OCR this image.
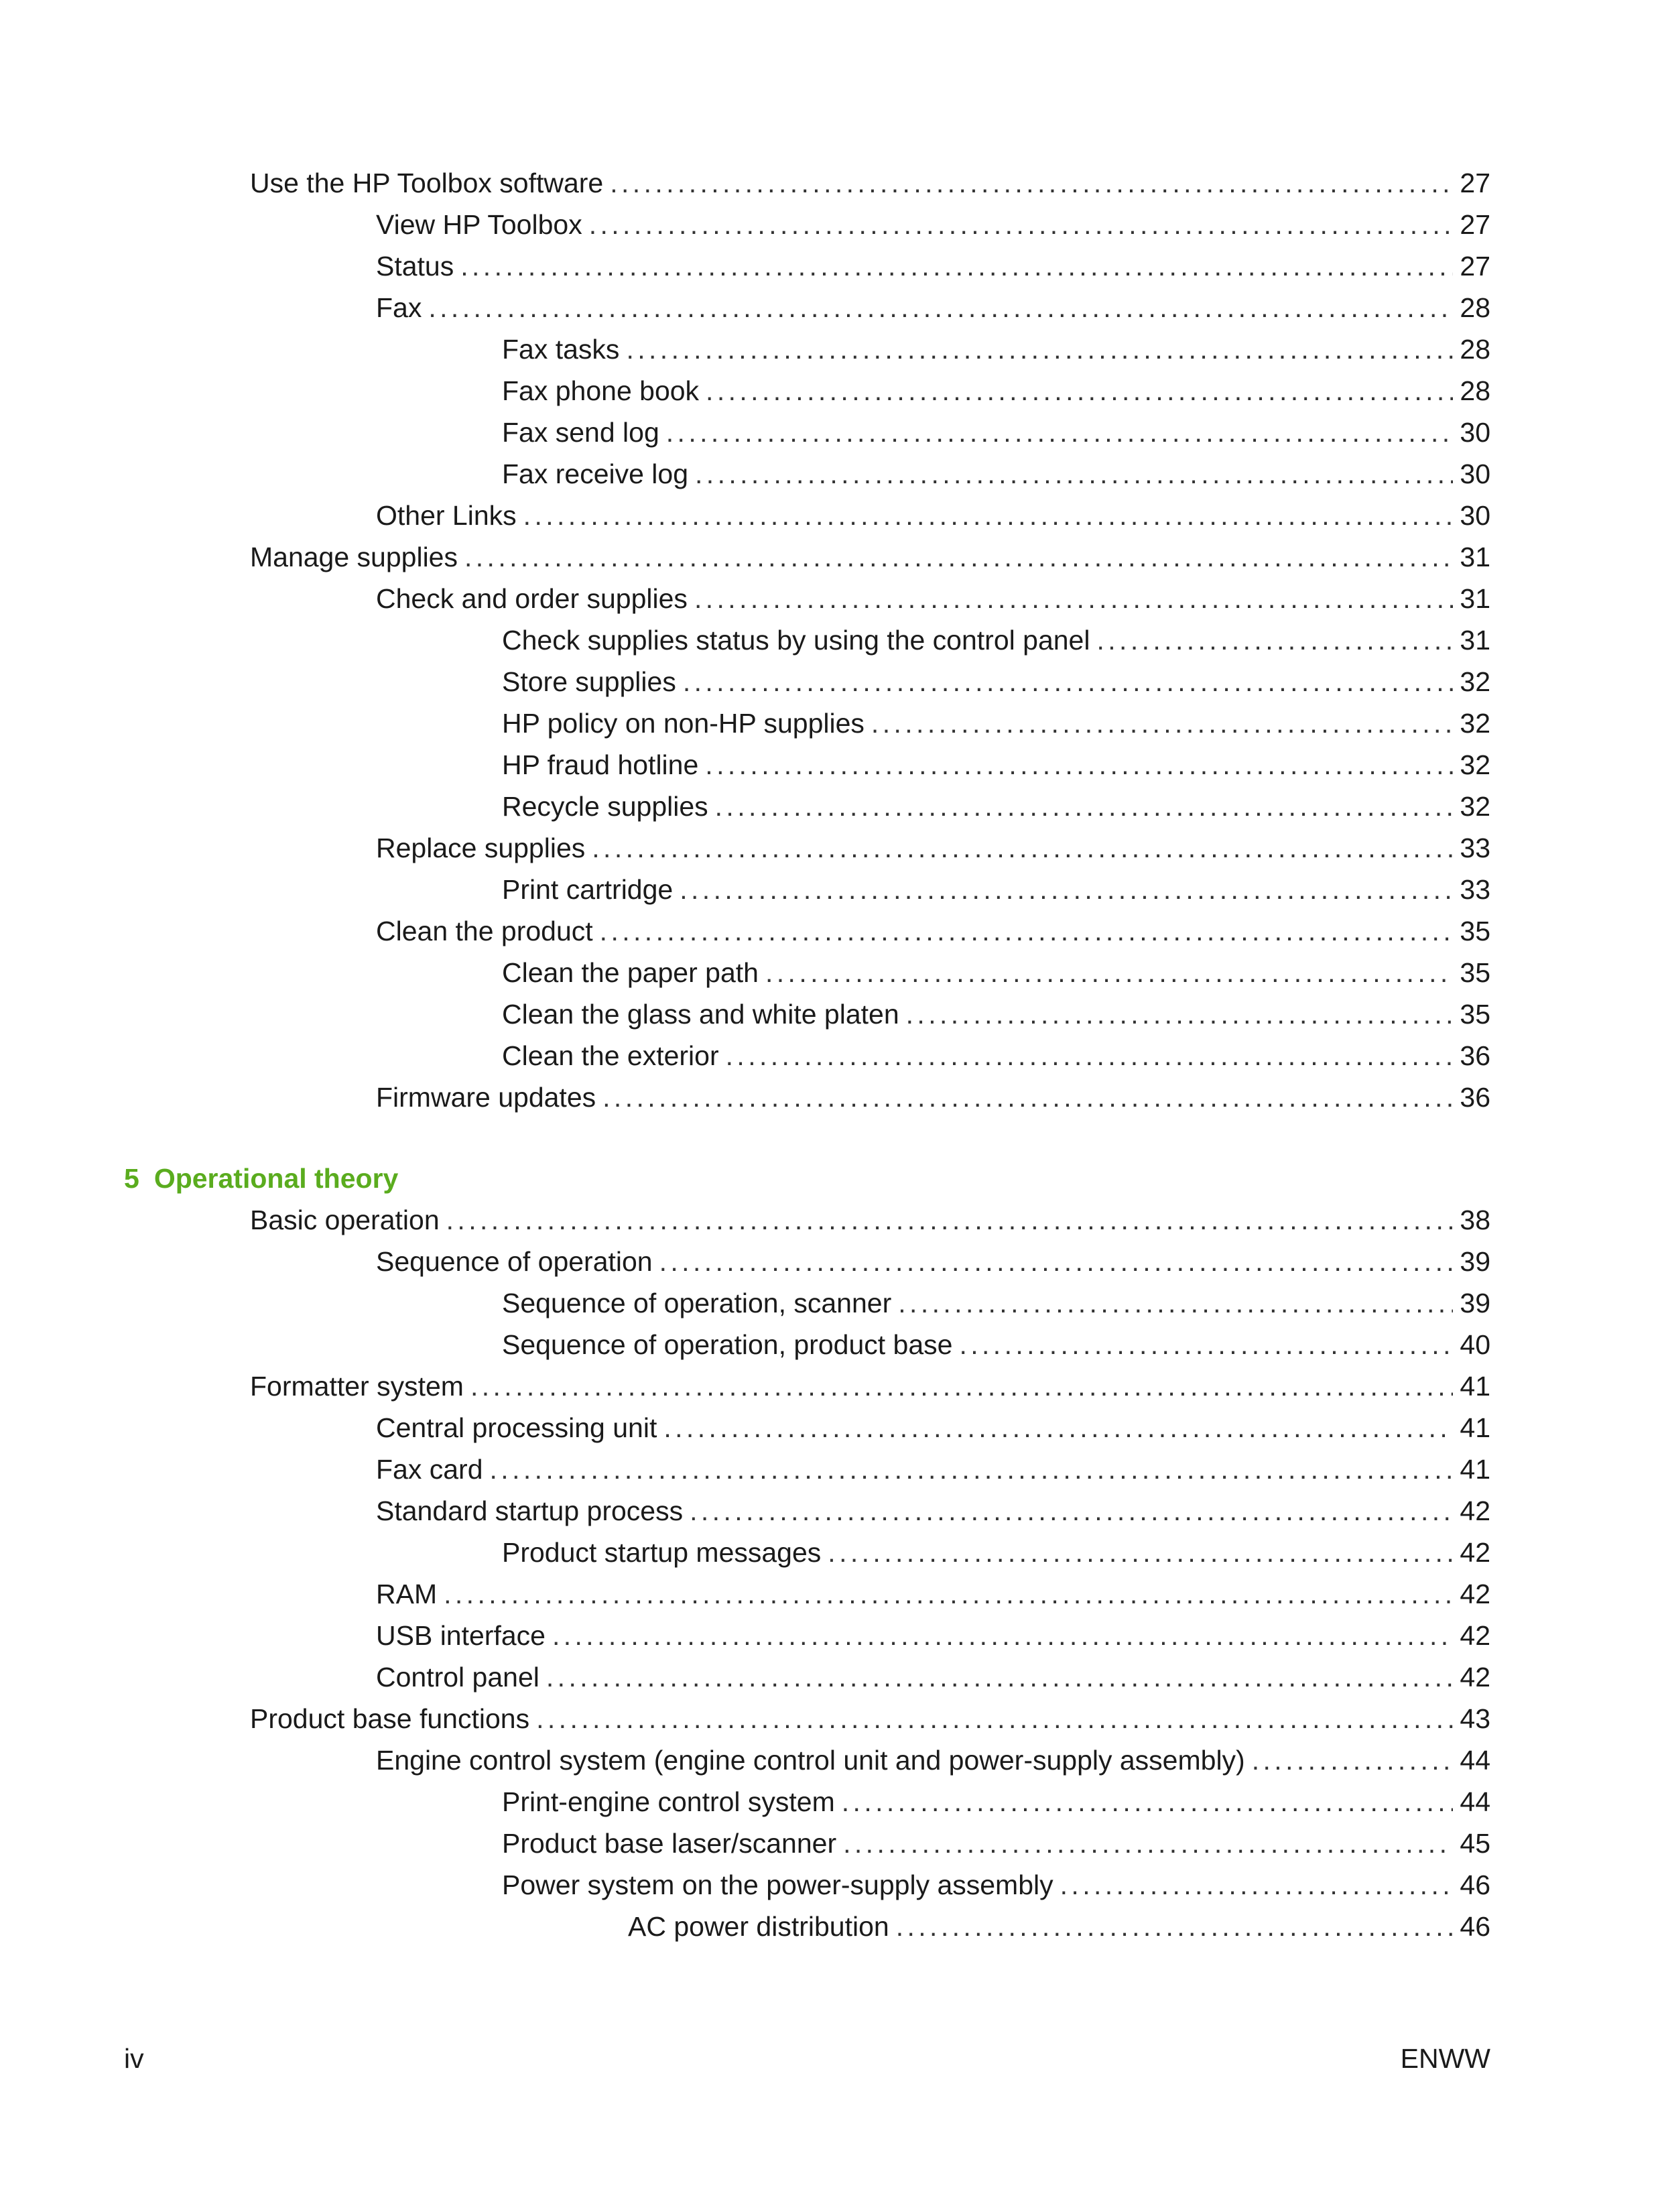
Use the HP Toolbox software . . .	27
View HP Toolbox . . .	27
Status . . .	27
Fax . . .	28
Fax tasks . . .	28
Fax phone book . . .	28
Fax send log . . .	30
Fax receive log . . .	30
Other Links . . .	30
Manage supplies . . .	31
Check and order supplies . . .	31
Check supplies status by using the control panel . . .	31
Store supplies . . .	32
HP policy on non-HP supplies . . .	32
HP fraud hotline . . .	32
Recycle supplies . . .	32
Replace supplies . . .	33
Print cartridge . . .	33
Clean the product . . .	35
Clean the paper path . . .	35
Clean the glass and white platen . . .	35
Clean the exterior . . .	36
Firmware updates . . .	36
5 Operational theory
Basic operation . . .	38
Sequence of operation . . .	39
Sequence of operation, scanner . . .	39
Sequence of operation, product base . . .	40
Formatter system . . .	41
Central processing unit . . .	41
Fax card . . .	41
Standard startup process . . .	42
Product startup messages . . .	42
RAM . . .	42
USB interface . . .	42
Control panel . . .	42
Product base functions . . .	43
Engine control system (engine control unit and power-supply assembly) . . .	44
Print-engine control system . . .	44
Product base laser/scanner . . .	45
Power system on the power-supply assembly . . .	46
AC power distribution . . .	46
iv	ENWW
